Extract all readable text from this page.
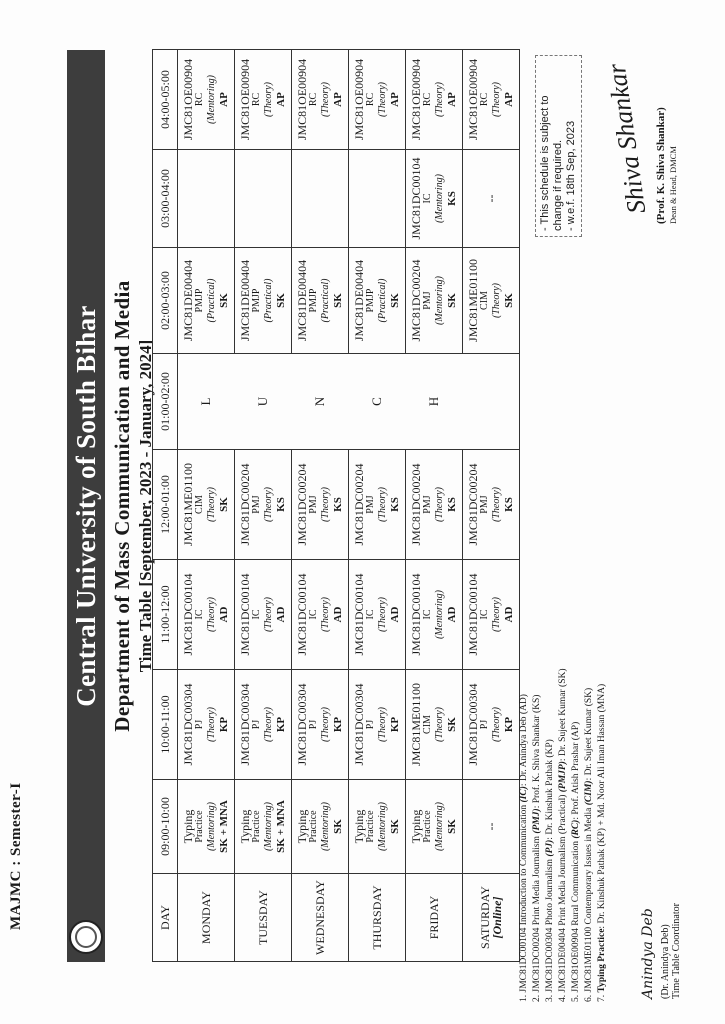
Central University of South Bihar Department of Mass Communication and Media Time Table [September, 2023 - January, 2024]
DAY	09:00-10:00	10:00-11:00	11:00-12:00	12:00-01:00	01:00-02:00	02:00-03:00	03:00-04:00	04:00-05:00

MONDAY	Typing Practice (Mentoring) SK + MNA	JMC81DC00304 PJ (Theory) KP	JMC81DC00104 IC (Theory) AD	JMC81ME01100 CIM (Theory) SK	L	JMC81DE00404 PMJP (Practical) SK		JMC81OE00904 RC (Mentoring) AP

TUESDAY	Typing Practice (Mentoring) SK + MNA	JMC81DC00304 PJ (Theory) KP	JMC81DC00104 IC (Theory) AD	JMC81DC00204 PMJ (Theory) KS	U	JMC81DE00404 PMJP (Practical) SK		JMC81OE00904 RC (Theory) AP

WEDNESDAY	Typing Practice (Mentoring) SK	JMC81DC00304 PJ (Theory) KP	JMC81DC00104 IC (Theory) AD	JMC81DC00204 PMJ (Theory) KS	N	JMC81DE00404 PMJP (Practical) SK		JMC81OE00904 RC (Theory) AP

THURSDAY	Typing Practice (Mentoring) SK	JMC81DC00304 PJ (Theory) KP	JMC81DC00104 IC (Theory) AD	JMC81DC00204 PMJ (Theory) KS	C	JMC81DE00404 PMJP (Practical) SK		JMC81OE00904 RC (Theory) AP

FRIDAY	Typing Practice (Mentoring) SK	JMC81ME01100 CIM (Theory) SK	JMC81DC00104 IC (Mentoring) AD	JMC81DC00204 PMJ (Theory) KS	H	JMC81DC00204 PMJ (Mentoring) SK	JMC81DC00104 IC (Mentoring) KS	JMC81OE00904 RC (Theory) AP

SATURDAY
[Online]	--	JMC81DC00304 PJ (Theory) KP	JMC81DC00104 IC (Theory) AD	JMC81DC00204 PMJ (Theory) KS		JMC81ME01100 CIM (Theory) SK	--	JMC81OE00904 RC (Theory) AP
1. JMC81DC00104 Introduction to Communication (IC): Dr. Anindya Deb (AD)
2. JMC81DC00204 Print Media Journalism (PMJ): Prof. K. Shiva Shankar (KS)
3. JMC81DC00304 Photo Journalism (PJ): Dr. Kinshuk Pathak (KP)
4. JMC81DE00404 Print Media Journalism (Practical) (PMJP): Dr. Sujeet Kumar (SK)
5. JMC81OE00904 Rural Communication (RC): Prof. Atish Prashar (AP)
6. JMC81ME01100 Contemporary Issues in Media (CIM): Dr. Sujeet Kumar (SK)
7. Typing Practice: Dr. Kinshuk Pathak (KP) + Md. Noor Ali Iman Hassan (MNA)
- This schedule is subject to change if required. - w.e.f. 18th Sep, 2023
Anindya Deb (Dr. Anindya Deb) Time Table Coordinator
Shiva Shankar (Prof. K. Shiva Shankar) Dean & Head, DMCM
MAJMC : Semester-I
